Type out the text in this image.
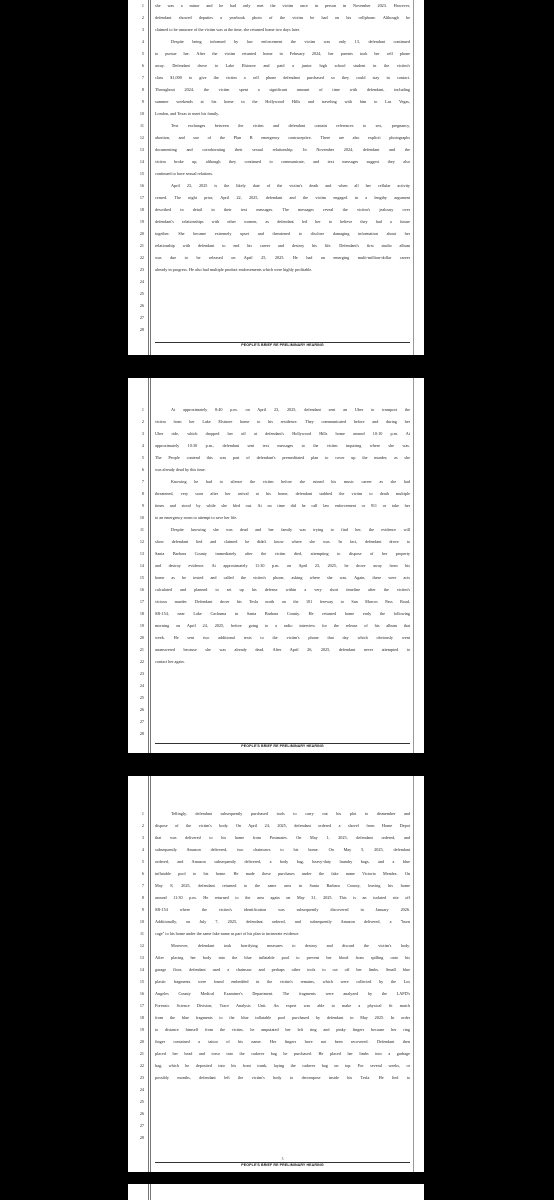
1
2
3
4
5
6
7
8
9
10
11
12
13
14
15
16
17
18
19
20
21
22
23
24
25
26
27
28
she was a minor and he had only met the victim once in person in November 2023. However,
defendant showed deputies a yearbook photo of the victim he had on his cellphone. Although he
claimed to be unaware of the victim was at the time, she returned home two days later.
Despite being informed by law enforcement the victim was only 13, defendant continued
to pursue her. After the victim returned home in February 2024, her parents took her cell phone
away. Defendant drove to Lake Elsinore and paid a junior high school student in the victim's
class $1,000 to give the victim a cell phone defendant purchased so they could stay in contact.
Throughout 2024, the victim spent a significant amount of time with defendant, including
summer weekends at his home in the Hollywood Hills and traveling with him to Las Vegas,
London, and Texas to meet his family.
Text exchanges between the victim and defendant contain references to sex, pregnancy,
abortion, and use of the Plan B emergency contraceptive. There are also explicit photographs
documenting and corroborating their sexual relationship. In November 2024, defendant and the
victim broke up, although they continued to communicate, and text messages suggest they also
continued to have sexual relations.
April 23, 2025 is the likely date of the victim's death and when all her cellular activity
ceased. The night prior, April 22, 2025, defendant and the victim engaged in a lengthy argument
described in detail in their text messages. The messages reveal the victim's jealousy over
defendant's relationships with other women, as defendant led her to believe they had a future
together. She became extremely upset and threatened to disclose damaging information about her
relationship with defendant to end his career and destroy his life. Defendant's first studio album
was due to be released on April 25, 2025. He had an emerging multi-million-dollar career
already in progress. He also had multiple product endorsements which were highly profitable.
PEOPLE'S BRIEF RE PRELIMINARY HEARING
1
2
3
4
5
6
7
8
9
10
11
12
13
14
15
16
17
18
19
20
21
22
23
24
25
26
27
28
At approximately 8:40 p.m. on April 23, 2025, defendant sent an Uber to transport the
victim from her Lake Elsinore home to his residence. They communicated before and during her
Uber ride, which dropped her off at defendant's Hollywood Hills home around 10:10 p.m. At
approximately 10:30 p.m., defendant sent text messages to the victim inquiring where she was.
The People contend this was part of defendant's premeditated plan to cover up the murder, as she
was already dead by this time.
Knowing he had to silence the victim before she ruined his music career as she had
threatened, very soon after her arrival at his home, defendant stabbed the victim to death multiple
times and stood by while she bled out. At no time did he call law enforcement or 911 or take her
to an emergency room to attempt to save her life.
Despite knowing she was dead and her family was trying to find her, the evidence will
show defendant lied and claimed he didn't know where she was. In fact, defendant drove to
Santa Barbara County immediately after the victim died, attempting to dispose of her property
and destroy evidence. At approximately 11:30 p.m. on April 23, 2025, he drove away from his
home as he texted and called the victim's phone, asking where she was. Again, these were acts
calculated and planned to set up his defense within a very short timeline after the victim's
vicious murder. Defendant drove his Tesla north on the 101 freeway to San Marcos Pass Road,
SR-154, near Lake Cachuma in Santa Barbara County. He returned home early the following
morning on April 24, 2025, before going to a radio interview for the release of his album that
week. He sent two additional texts to the victim's phone that day which obviously went
unanswered because she was already dead. After April 26, 2025, defendant never attempted to
contact her again.
PEOPLE'S BRIEF RE PRELIMINARY HEARING
1
2
3
4
5
6
7
8
9
10
11
12
13
14
15
16
17
18
19
20
21
22
23
24
25
26
27
28
Tellingly, defendant subsequently purchased tools to carry out his plot to dismember and
dispose of the victim's body. On April 24, 2025, defendant ordered a shovel from Home Depot
that was delivered to his home from Postmates. On May 1, 2025, defendant ordered, and
subsequently Amazon delivered, two chainsaws to his home. On May 5, 2025, defendant
ordered, and Amazon subsequently delivered, a body bag, heavy-duty laundry bags, and a blue
inflatable pool to his home. He made these purchases under the fake name Victoria Mendez. On
May 8, 2025, defendant returned to the same area in Santa Barbara County, leaving his home
around 11:30 p.m. He returned to the area again on May 31, 2025. This is an isolated site off
SR-154 where the victim's identification was subsequently discovered in January 2026.
Additionally, on July 7, 2025, defendant ordered, and subsequently Amazon delivered, a "burn
cage" to his home under the same fake name as part of his plan to incinerate evidence.
Moreover, defendant took horrifying measures to destroy and discard the victim's body.
After placing her body into the blue inflatable pool to prevent her blood from spilling onto his
garage floor, defendant used a chainsaw and perhaps other tools to cut off her limbs. Small blue
plastic fragments were found embedded in the victim's remains, which were collected by the Los
Angeles County Medical Examiner's Department. The fragments were analyzed by the LAPD's
Forensic Science Division, Trace Analysis Unit. An expert was able to make a physical fit match
from the blue fragments to the blue inflatable pool purchased by defendant in May 2025. In order
to distance himself from the victim, he amputated her left ring and pinky fingers because her ring
finger contained a tattoo of his name. Her fingers have not been recovered. Defendant then
placed her head and torso into the cadaver bag he purchased. He placed her limbs into a garbage
bag, which he deposited into his front trunk, laying the cadaver bag on top. For several weeks, or
possibly months, defendant left the victim's body to decompose inside his Tesla. He lied to
3
PEOPLE'S BRIEF RE PRELIMINARY HEARING
